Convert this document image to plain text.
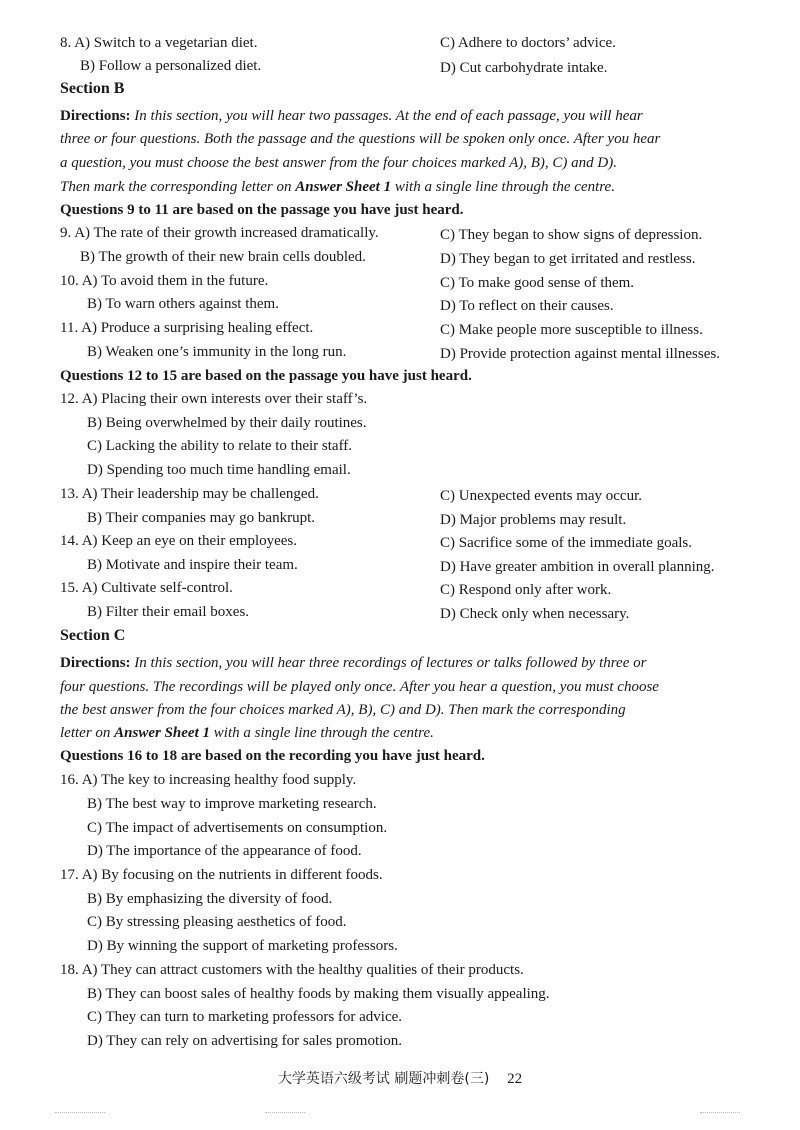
8. A) Switch to a vegetarian diet.	C) Adhere to doctors’ advice.
B) Follow a personalized diet.	D) Cut carbohydrate intake.
Section B
Directions: In this section, you will hear two passages. At the end of each passage, you will hear
three or four questions. Both the passage and the questions will be spoken only once. After you hear
a question, you must choose the best answer from the four choices marked A), B), C) and D).
Then mark the corresponding letter on Answer Sheet 1 with a single line through the centre.
Questions 9 to 11 are based on the passage you have just heard.
9. A) The rate of their growth increased dramatically.	C) They began to show signs of depression.
B) The growth of their new brain cells doubled.	D) They began to get irritated and restless.
10. A) To avoid them in the future.	C) To make good sense of them.
B) To warn others against them.	D) To reflect on their causes.
11. A) Produce a surprising healing effect.	C) Make people more susceptible to illness.
B) Weaken one’s immunity in the long run.	D) Provide protection against mental illnesses.
Questions 12 to 15 are based on the passage you have just heard.
12. A) Placing their own interests over their staff’s.
B) Being overwhelmed by their daily routines.
C) Lacking the ability to relate to their staff.
D) Spending too much time handling email.
13. A) Their leadership may be challenged.	C) Unexpected events may occur.
B) Their companies may go bankrupt.	D) Major problems may result.
14. A) Keep an eye on their employees.	C) Sacrifice some of the immediate goals.
B) Motivate and inspire their team.	D) Have greater ambition in overall planning.
15. A) Cultivate self-control.	C) Respond only after work.
B) Filter their email boxes.	D) Check only when necessary.
Section C
Directions: In this section, you will hear three recordings of lectures or talks followed by three or
four questions. The recordings will be played only once. After you hear a question, you must choose
the best answer from the four choices marked A), B), C) and D). Then mark the corresponding
letter on Answer Sheet 1 with a single line through the centre.
Questions 16 to 18 are based on the recording you have just heard.
16. A) The key to increasing healthy food supply.
B) The best way to improve marketing research.
C) The impact of advertisements on consumption.
D) The importance of the appearance of food.
17. A) By focusing on the nutrients in different foods.
B) By emphasizing the diversity of food.
C) By stressing pleasing aesthetics of food.
D) By winning the support of marketing professors.
18. A) They can attract customers with the healthy qualities of their products.
B) They can boost sales of healthy foods by making them visually appealing.
C) They can turn to marketing professors for advice.
D) They can rely on advertising for sales promotion.
大学英语六级考试 刷题冲刺卷(三) 22
